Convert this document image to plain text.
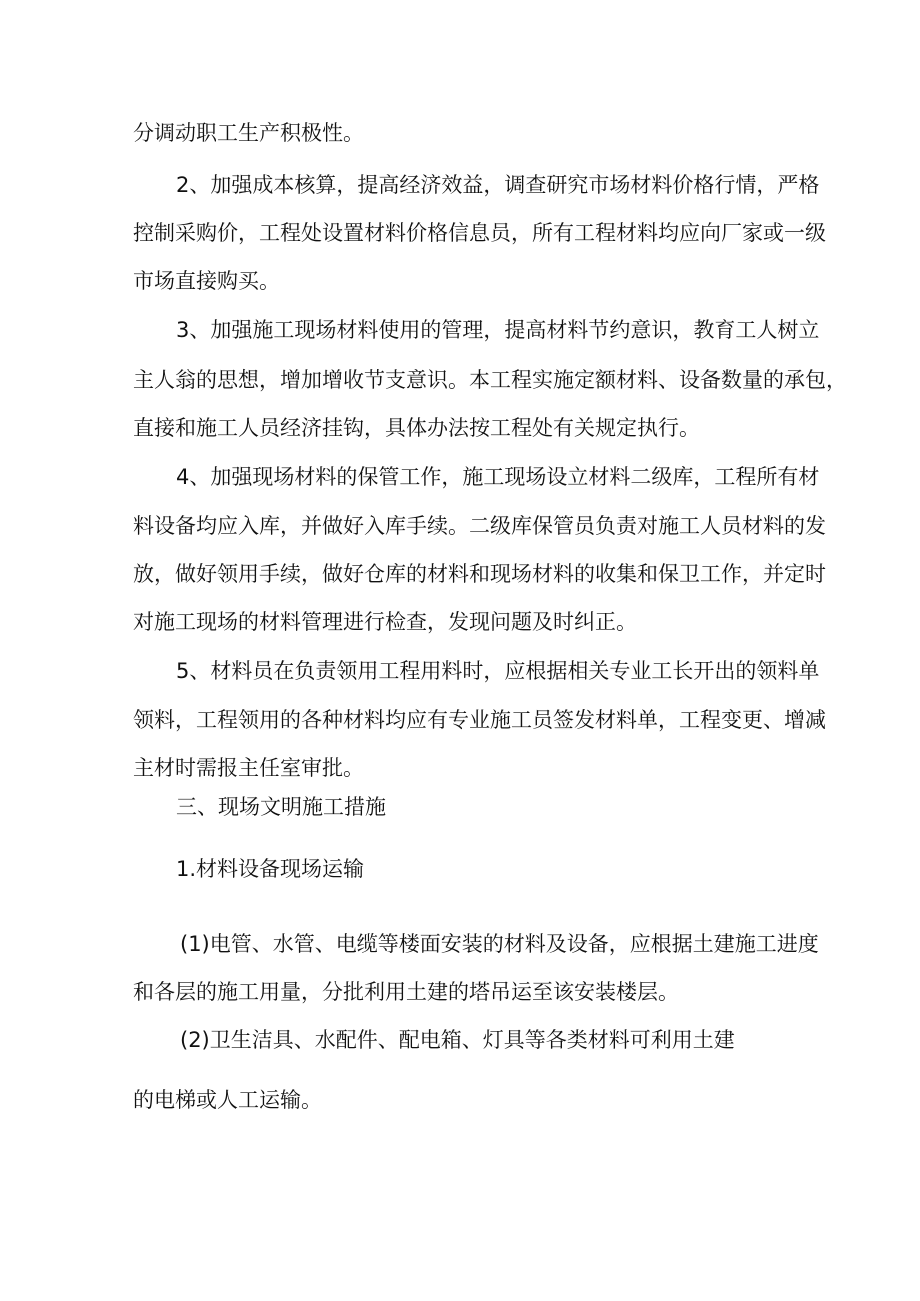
分调动职工生产积极性。

2、加强成本核算，提高经济效益，调查研究市场材料价格行情，严格

控制采购价，工程处设置材料价格信息员，所有工程材料均应向厂家或一级

市场直接购买。

3、加强施工现场材料使用的管理，提高材料节约意识，教育工人树立

主人翁的思想，增加增收节支意识。本工程实施定额材料、设备数量的承包，

直接和施工人员经济挂钩，具体办法按工程处有关规定执行。

4、加强现场材料的保管工作，施工现场设立材料二级库，工程所有材

料设备均应入库，并做好入库手续。二级库保管员负责对施工人员材料的发

放，做好领用手续，做好仓库的材料和现场材料的收集和保卫工作，并定时

对施工现场的材料管理进行检查，发现问题及时纠正。

5、材料员在负责领用工程用料时，应根据相关专业工长开出的领料单

领料，工程领用的各种材料均应有专业施工员签发材料单，工程变更、增减

主材时需报主任室审批。

三、现场文明施工措施

1.材料设备现场运输

(1)电管、水管、电缆等楼面安装的材料及设备，应根据土建施工进度

和各层的施工用量，分批利用土建的塔吊运至该安装楼层。

(2)卫生洁具、水配件、配电箱、灯具等各类材料可利用土建

的电梯或人工运输。
